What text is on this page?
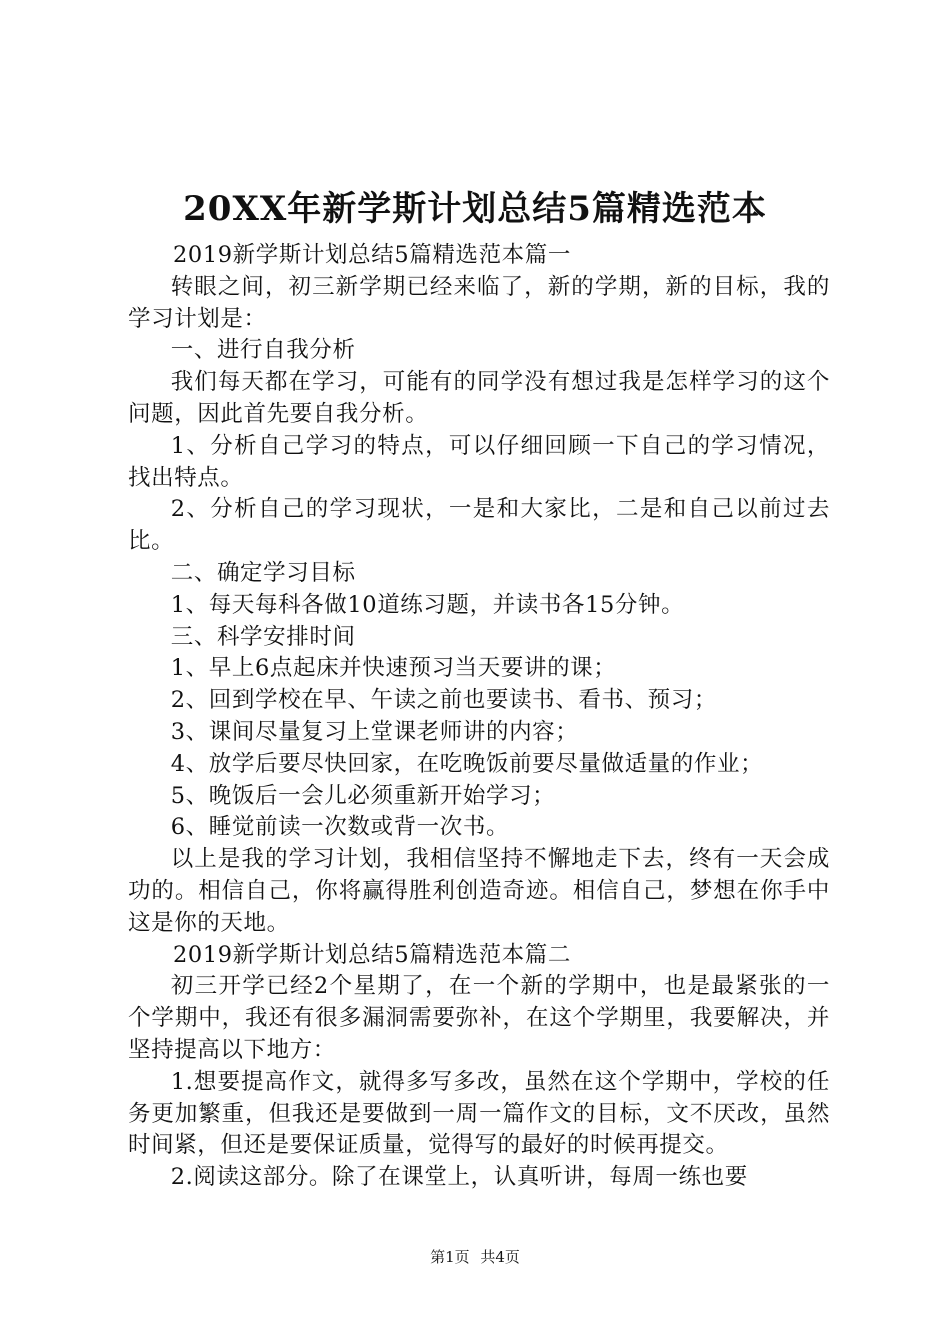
20XX年新学斯计划总结5篇精选范本

2019新学斯计划总结5篇精选范本篇一

转眼之间，初三新学期已经来临了，新的学期，新的目标，我的学习计划是：

一、进行自我分析

我们每天都在学习，可能有的同学没有想过我是怎样学习的这个问题，因此首先要自我分析。

1、分析自己学习的特点，可以仔细回顾一下自己的学习情况，找出特点。

2、分析自己的学习现状，一是和大家比，二是和自己以前过去比。

二、确定学习目标

1、每天每科各做10道练习题，并读书各15分钟。

三、科学安排时间

1、早上6点起床并快速预习当天要讲的课；

2、回到学校在早、午读之前也要读书、看书、预习；

3、课间尽量复习上堂课老师讲的内容；

4、放学后要尽快回家，在吃晚饭前要尽量做适量的作业；

5、晚饭后一会儿必须重新开始学习；

6、睡觉前读一次数或背一次书。

以上是我的学习计划，我相信坚持不懈地走下去，终有一天会成功的。相信自己，你将赢得胜利创造奇迹。相信自己，梦想在你手中这是你的天地。

2019新学斯计划总结5篇精选范本篇二

初三开学已经2个星期了，在一个新的学期中，也是最紧张的一个学期中，我还有很多漏洞需要弥补，在这个学期里，我要解决，并坚持提高以下地方：

1.想要提高作文，就得多写多改，虽然在这个学期中，学校的任务更加繁重，但我还是要做到一周一篇作文的目标，文不厌改，虽然时间紧，但还是要保证质量，觉得写的最好的时候再提交。

2.阅读这部分。除了在课堂上，认真听讲，每周一练也要

第1页 共4页
